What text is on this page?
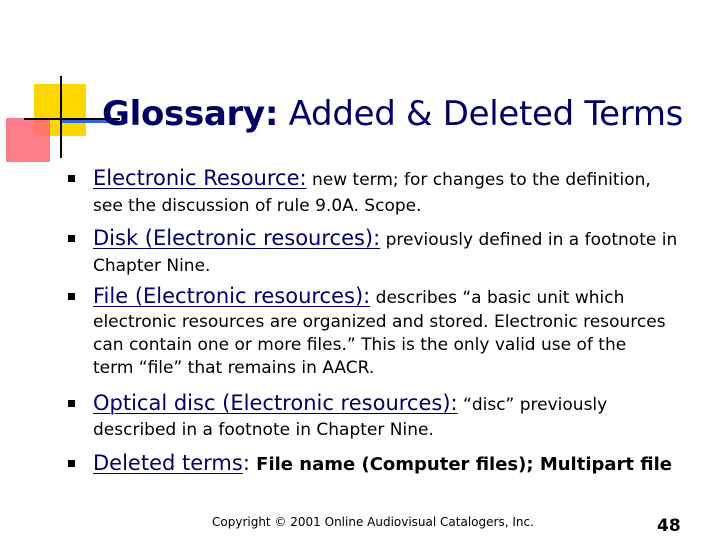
Glossary: Added & Deleted Terms
Electronic Resource: new term; for changes to the definition,
see the discussion of rule 9.0A. Scope.
Disk (Electronic resources): previously defined in a footnote in
Chapter Nine.
File (Electronic resources): describes “a basic unit which
electronic resources are organized and stored. Electronic resources
can contain one or more files.” This is the only valid use of the
term “file” that remains in AACR.
Optical disc (Electronic resources): “disc” previously
described in a footnote in Chapter Nine.
Deleted terms: File name (Computer files); Multipart file
Copyright © 2001 Online Audiovisual Catalogers, Inc.	48
